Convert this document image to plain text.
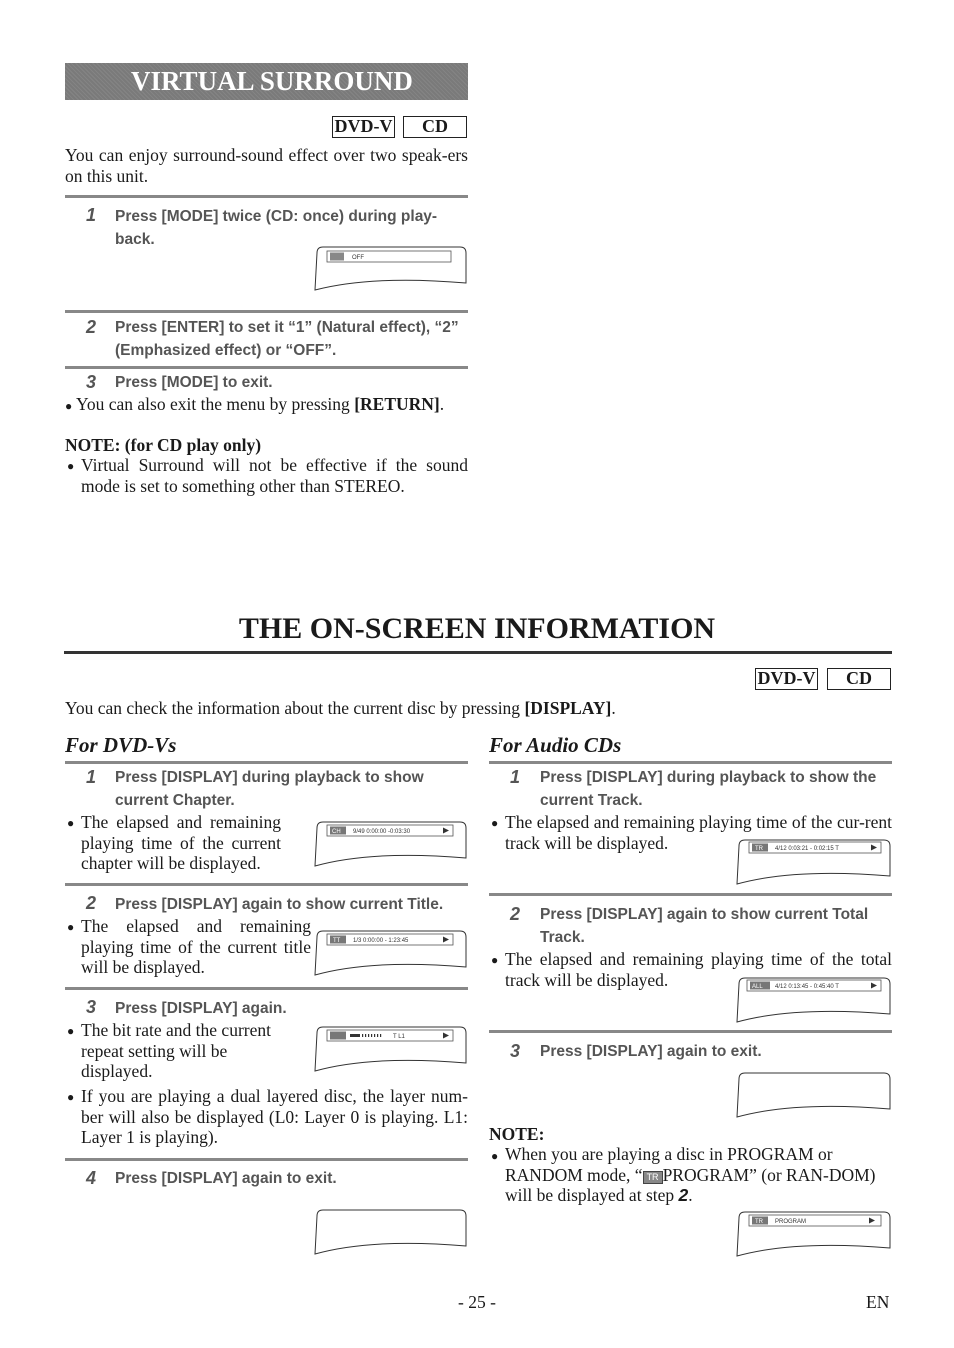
VIRTUAL SURROUND
DVD-V	CD
You can enjoy surround-sound effect over two speak-ers on this unit.
1 Press [MODE] twice (CD: once) during play-back.
OFF
2 Press [ENTER] to set it “1” (Natural effect), “2” (Emphasized effect) or “OFF”.
3 Press [MODE] to exit.
● You can also exit the menu by pressing [RETURN].
NOTE: (for CD play only)
● Virtual Surround will not be effective if the sound mode is set to something other than STEREO.
THE ON-SCREEN INFORMATION
DVD-V	CD
You can check the information about the current disc by pressing [DISPLAY].
For DVD-Vs
1 Press [DISPLAY] during playback to show current Chapter.
● The elapsed and remaining playing time of the current chapter will be displayed.
CH 9/49 0:00:00 -0:03:30
2 Press [DISPLAY] again to show current Title.
● The elapsed and remaining playing time of the current title will be displayed.
TT 1/3 0:00:00 - 1:23:45
3 Press [DISPLAY] again.
● The bit rate and the current repeat setting will be displayed.
T L1
● If you are playing a dual layered disc, the layer num-ber will also be displayed (L0: Layer 0 is playing. L1: Layer 1 is playing).
4 Press [DISPLAY] again to exit.
For Audio CDs
1 Press [DISPLAY] during playback to show the current Track.
● The elapsed and remaining playing time of the cur-rent track will be displayed.	TR 4/12 0:03:21 - 0:02:15 T
2 Press [DISPLAY] again to show current Total Track.
● The elapsed and remaining playing time of the total track will be displayed.	ALL 4/12 0:13:45 - 0:45:40 T
3 Press [DISPLAY] again to exit.
NOTE:
● When you are playing a disc in PROGRAM or RANDOM mode, “ TR PROGRAM” (or RAN-DOM) will be displayed at step 2.
TR PROGRAM
- 25 -	EN
